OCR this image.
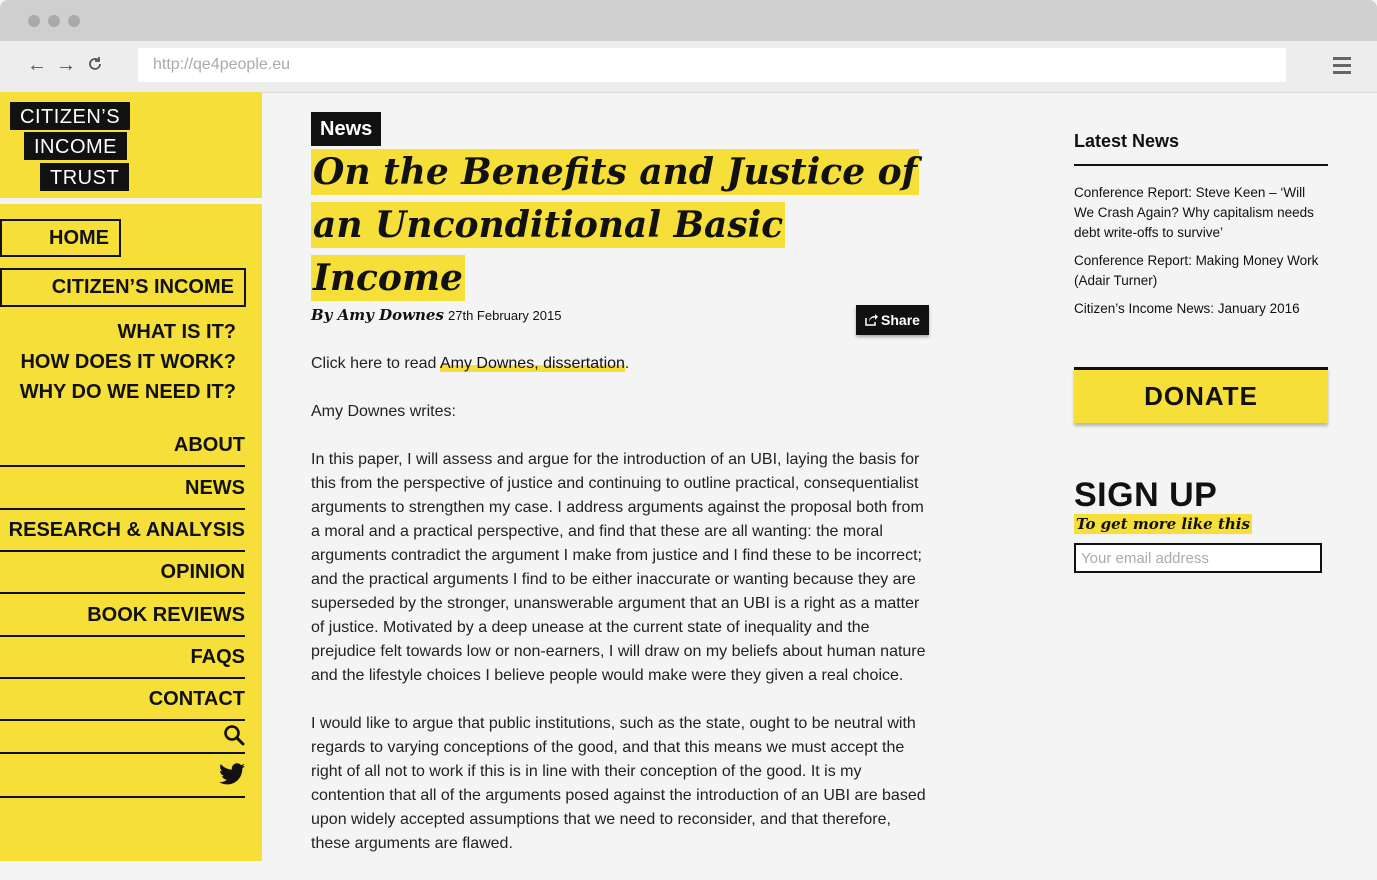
← →
http://qe4people.eu
CITIZEN’S
INCOME
TRUST
HOME
CITIZEN’S INCOME
WHAT IS IT?
HOW DOES IT WORK?
WHY DO WE NEED IT?
ABOUT
NEWS
RESEARCH & ANALYSIS
OPINION
BOOK REVIEWS
FAQS
CONTACT
News
On the Benefits and Justice of an Unconditional Basic Income
By Amy Downes 27th February 2015	Share

Click here to read Amy Downes, dissertation.

Amy Downes writes:

In this paper, I will assess and argue for the introduction of an UBI, laying the basis for this from the perspective of justice and continuing to outline practical, consequentialist arguments to strengthen my case. I address arguments against the proposal both from a moral and a practical perspective, and find that these are all wanting: the moral arguments contradict the argument I make from justice and I find these to be incorrect; and the practical arguments I find to be either inaccurate or wanting because they are superseded by the stronger, unanswerable argument that an UBI is a right as a matter of justice. Motivated by a deep unease at the current state of inequality and the prejudice felt towards low or non-earners, I will draw on my beliefs about human nature and the lifestyle choices I believe people would make were they given a real choice.

I would like to argue that public institutions, such as the state, ought to be neutral with regards to varying conceptions of the good, and that this means we must accept the right of all not to work if this is in line with their conception of the good. It is my contention that all of the arguments posed against the introduction of an UBI are based upon widely accepted assumptions that we need to reconsider, and that therefore, these arguments are flawed.

Latest News
Conference Report: Steve Keen – ‘Will We Crash Again? Why capitalism needs debt write-offs to survive’
Conference Report: Making Money Work (Adair Turner)
Citizen’s Income News: January 2016
DONATE
SIGN UP
To get more like this
Your email address
